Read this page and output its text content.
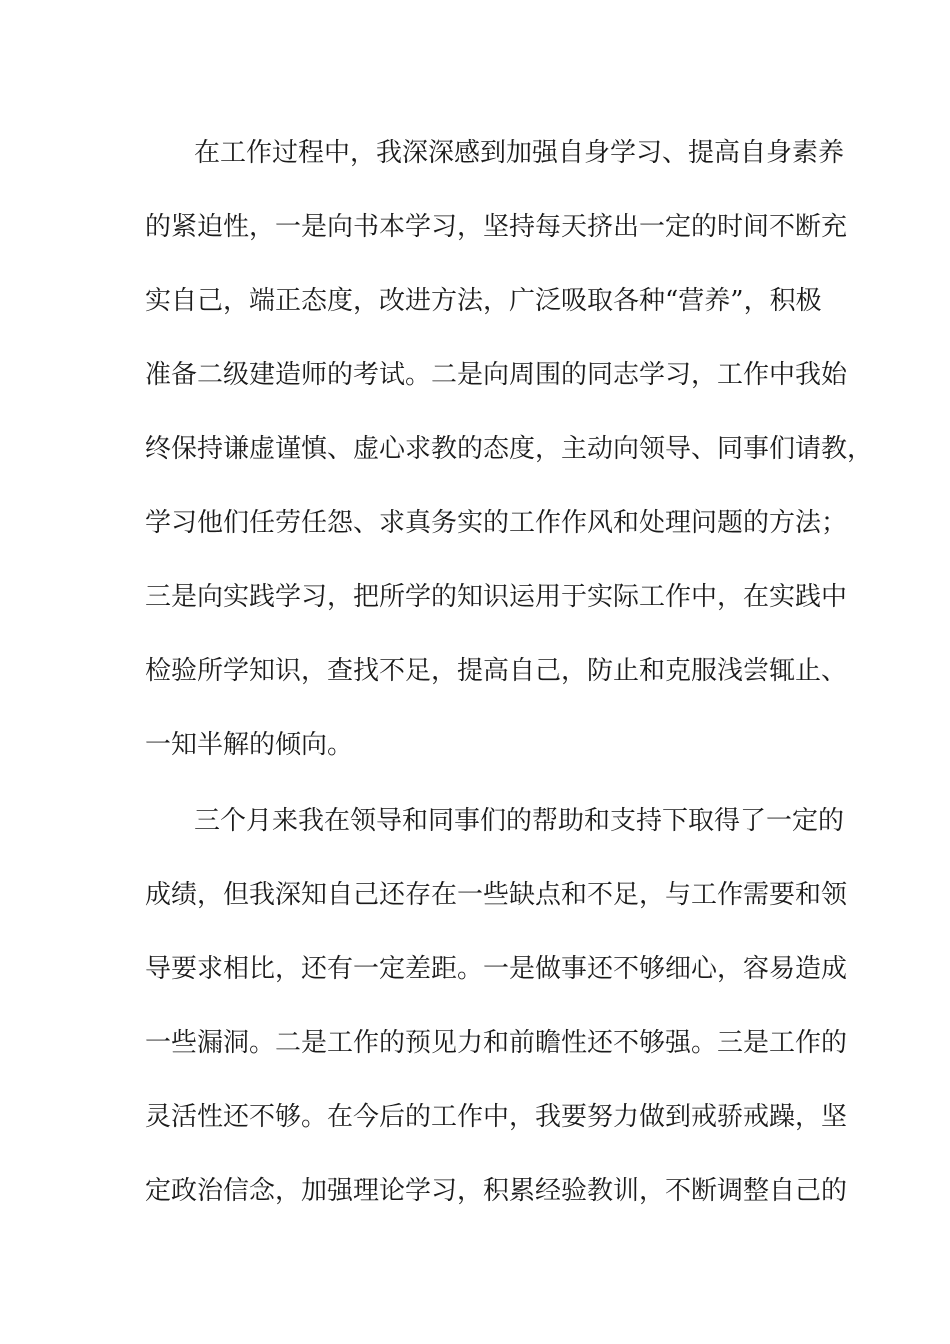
在工作过程中，我深深感到加强自身学习、提高自身素养
的紧迫性，一是向书本学习，坚持每天挤出一定的时间不断充
实自己，端正态度，改进方法，广泛吸取各种“营养”，积极
准备二级建造师的考试。二是向周围的同志学习，工作中我始
终保持谦虚谨慎、虚心求教的态度，主动向领导、同事们请教，
学习他们任劳任怨、求真务实的工作作风和处理问题的方法；
三是向实践学习，把所学的知识运用于实际工作中，在实践中
检验所学知识，查找不足，提高自己，防止和克服浅尝辄止、
一知半解的倾向。
三个月来我在领导和同事们的帮助和支持下取得了一定的
成绩，但我深知自己还存在一些缺点和不足，与工作需要和领
导要求相比，还有一定差距。一是做事还不够细心，容易造成
一些漏洞。二是工作的预见力和前瞻性还不够强。三是工作的
灵活性还不够。在今后的工作中，我要努力做到戒骄戒躁，坚
定政治信念，加强理论学习，积累经验教训，不断调整自己的
